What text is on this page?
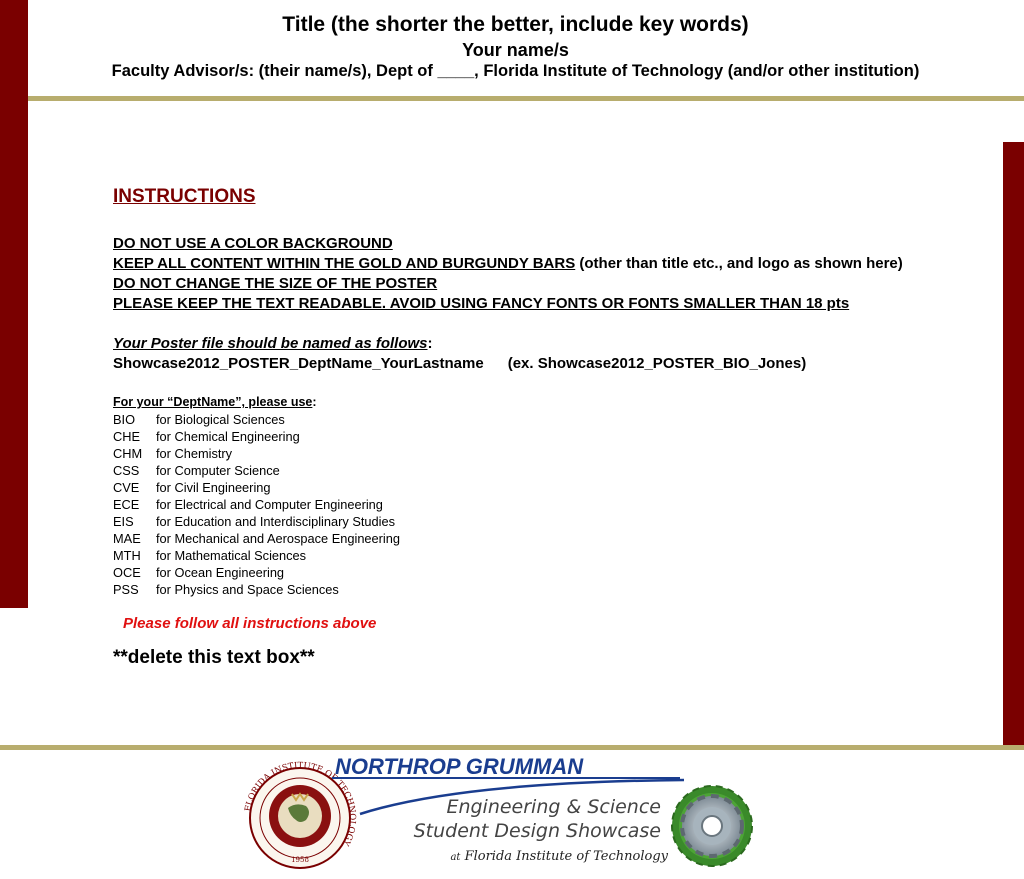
Title (the shorter the better, include key words)
Your name/s
Faculty Advisor/s: (their name/s), Dept of ____, Florida Institute of Technology (and/or other institution)
INSTRUCTIONS
DO NOT USE A COLOR BACKGROUND
KEEP ALL CONTENT WITHIN THE GOLD AND BURGUNDY BARS (other than title etc., and logo as shown here)
DO NOT CHANGE THE SIZE OF THE POSTER
PLEASE KEEP THE TEXT READABLE. AVOID USING FANCY FONTS OR FONTS SMALLER THAN 18 pts
Your Poster file should be named as follows:
Showcase2012_POSTER_DeptName_YourLastname (ex. Showcase2012_POSTER_BIO_Jones)
For your “DeptName”, please use:
BIO for Biological Sciences
CHE for Chemical Engineering
CHM for Chemistry
CSS for Computer Science
CVE for Civil Engineering
ECE for Electrical and Computer Engineering
EIS for Education and Interdisciplinary Studies
MAE for Mechanical and Aerospace Engineering
MTH for Mathematical Sciences
OCE for Ocean Engineering
PSS for Physics and Space Sciences
Please follow all instructions above
**delete this text box**
FLORIDA INSTITUTE OF TECHNOLOGY
1958
NORTHROP GRUMMAN
Engineering & Science
Student Design Showcase
at Florida Institute of Technology
